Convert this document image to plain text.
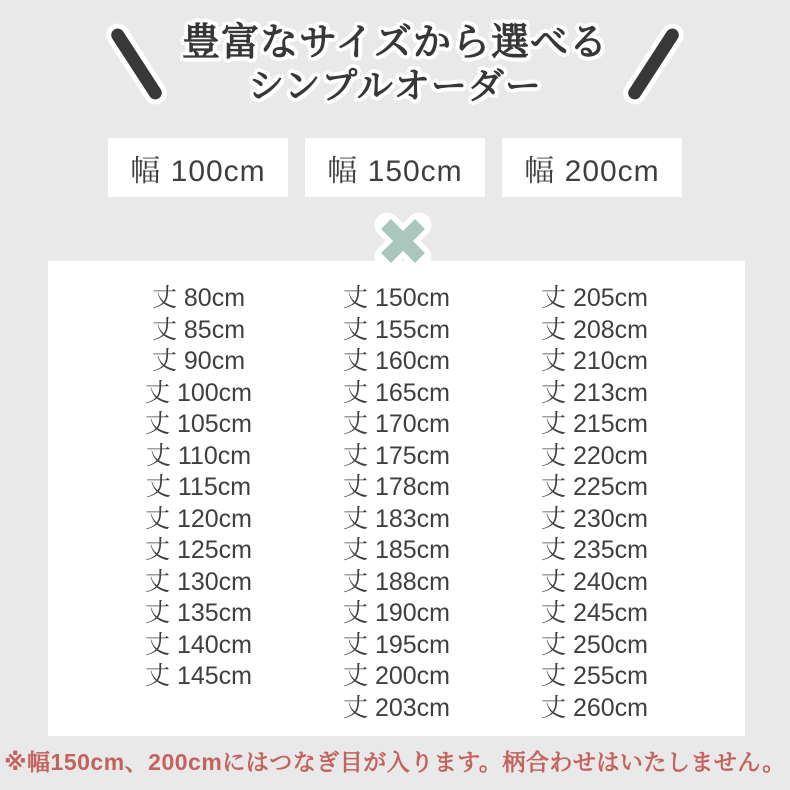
豊富なサイズから選べる
シンプルオーダー
幅 100cm	幅 150cm	幅 200cm
丈 80cm
丈 85cm
丈 90cm
丈 100cm
丈 105cm
丈 110cm
丈 115cm
丈 120cm
丈 125cm
丈 130cm
丈 135cm
丈 140cm
丈 145cm
丈 150cm
丈 155cm
丈 160cm
丈 165cm
丈 170cm
丈 175cm
丈 178cm
丈 183cm
丈 185cm
丈 188cm
丈 190cm
丈 195cm
丈 200cm
丈 203cm
丈 205cm
丈 208cm
丈 210cm
丈 213cm
丈 215cm
丈 220cm
丈 225cm
丈 230cm
丈 235cm
丈 240cm
丈 245cm
丈 250cm
丈 255cm
丈 260cm
※幅150cm、200cmにはつなぎ目が入ります。柄合わせはいたしません。
